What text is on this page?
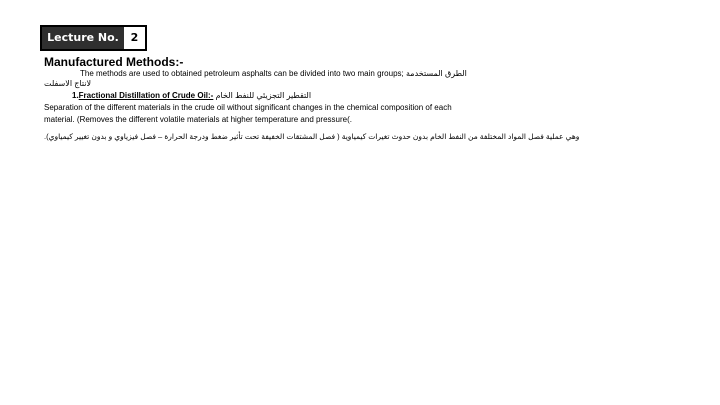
Lecture No.	2
Manufactured Methods:-
The methods are used to obtained petroleum asphalts can be divided into two main groups; الطرق المستخدمة
لانتاج الاسفلت
1.Fractional Distillation of Crude Oil:- التقطير التجزيئي للنفط الخام
Separation of the different materials in the crude oil without significant changes in the chemical composition of each
material. (Removes the different volatile materials at higher temperature and pressure(.
وهي عملية فصل المواد المختلفة من النفط الخام بدون حدوث تغيرات كيمياوية ( فصل المشتقات الخفيفة تحت تأثير ضغط ودرجة الحرارة – فصل فيزياوي و بدون تغيير كيمياوي).
